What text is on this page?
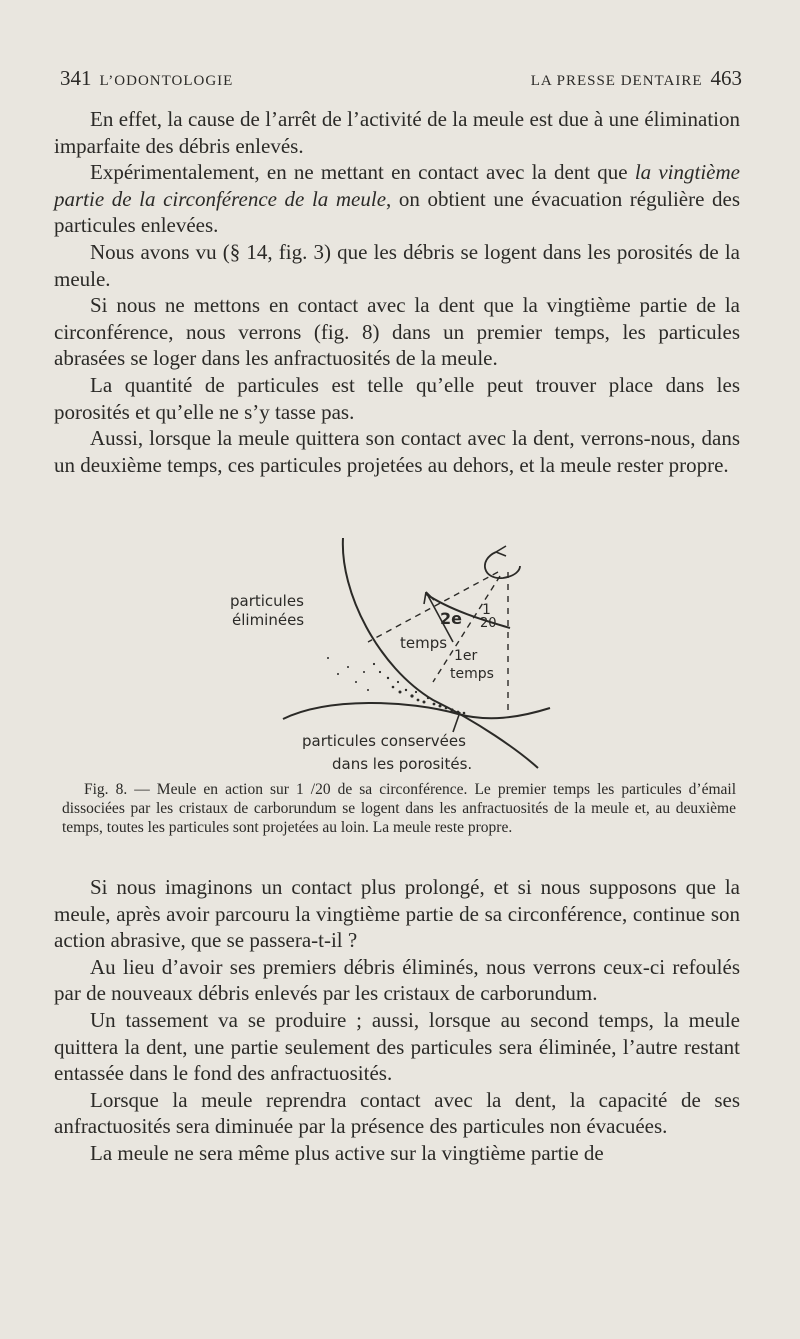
341 L’ODONTOLOGIE	LA PRESSE DENTAIRE 463

En effet, la cause de l’arrêt de l’activité de la meule est due à une élimination imparfaite des débris enlevés.

Expérimentalement, en ne mettant en contact avec la dent que la vingtième partie de la circonférence de la meule, on obtient une évacuation régulière des particules enlevées.

Nous avons vu (§ 14, fig. 3) que les débris se logent dans les porosités de la meule.

Si nous ne mettons en contact avec la dent que la vingtième partie de la circonférence, nous verrons (fig. 8) dans un premier temps, les particules abrasées se loger dans les anfractuosités de la meule.

La quantité de particules est telle qu’elle peut trouver place dans les porosités et qu’elle ne s’y tasse pas.

Aussi, lorsque la meule quittera son contact avec la dent, verrons-nous, dans un deuxième temps, ces particules projetées au dehors, et la meule rester propre.

particules
éliminées	2e
temps
1
20
1er
temps
particules conservées
dans les porosités.

Fig. 8. — Meule en action sur 1 /20 de sa circonférence. Le premier temps les particules d’émail dissociées par les cristaux de carborundum se logent dans les anfractuosités de la meule et, au deuxième temps, toutes les particules sont projetées au loin. La meule reste propre.

Si nous imaginons un contact plus prolongé, et si nous supposons que la meule, après avoir parcouru la vingtième partie de sa circonférence, continue son action abrasive, que se passera-t-il ?

Au lieu d’avoir ses premiers débris éliminés, nous verrons ceux-ci refoulés par de nouveaux débris enlevés par les cristaux de carborundum.

Un tassement va se produire ; aussi, lorsque au second temps, la meule quittera la dent, une partie seulement des particules sera éliminée, l’autre restant entassée dans le fond des anfractuosités.

Lorsque la meule reprendra contact avec la dent, la capacité de ses anfractuosités sera diminuée par la présence des particules non évacuées.

La meule ne sera même plus active sur la vingtième partie de
